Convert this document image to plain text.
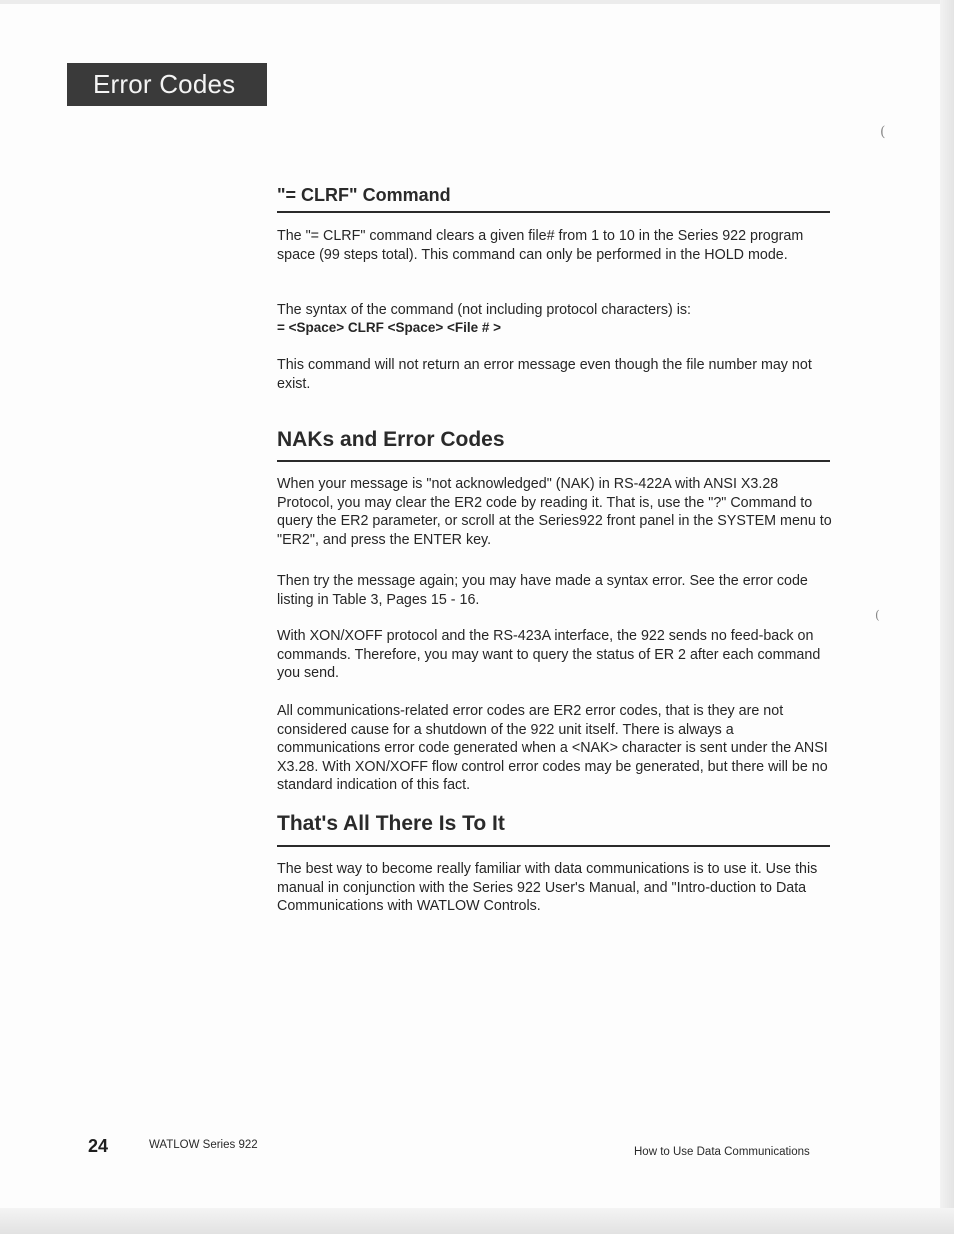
Error Codes
(
(
"= CLRF" Command

The "= CLRF" command clears a given file# from 1 to 10 in the Series 922 program space (99 steps total). This command can only be performed in the HOLD mode.

The syntax of the command (not including protocol characters) is:

= <Space> CLRF <Space> <File # >

This command will not return an error message even though the file number may not exist.

NAKs and Error Codes

When your message is "not acknowledged" (NAK) in RS-422A with ANSI X3.28 Protocol, you may clear the ER2 code by reading it. That is, use the "?" Command to query the ER2 parameter, or scroll at the Series922 front panel in the SYSTEM menu to "ER2", and press the ENTER key.

Then try the message again; you may have made a syntax error. See the error code listing in Table 3, Pages 15 - 16.

With XON/XOFF protocol and the RS-423A interface, the 922 sends no feed-back on commands. Therefore, you may want to query the status of ER 2 after each command you send.

All communications-related error codes are ER2 error codes, that is they are not considered cause for a shutdown of the 922 unit itself. There is always a communications error code generated when a <NAK> character is sent under the ANSI X3.28. With XON/XOFF flow control error codes may be generated, but there will be no standard indication of this fact.

That's All There Is To It

The best way to become really familiar with data communications is to use it. Use this manual in conjunction with the Series 922 User's Manual, and "Intro-duction to Data Communications with WATLOW Controls.

24	WATLOW Series 922
How to Use Data Communications
